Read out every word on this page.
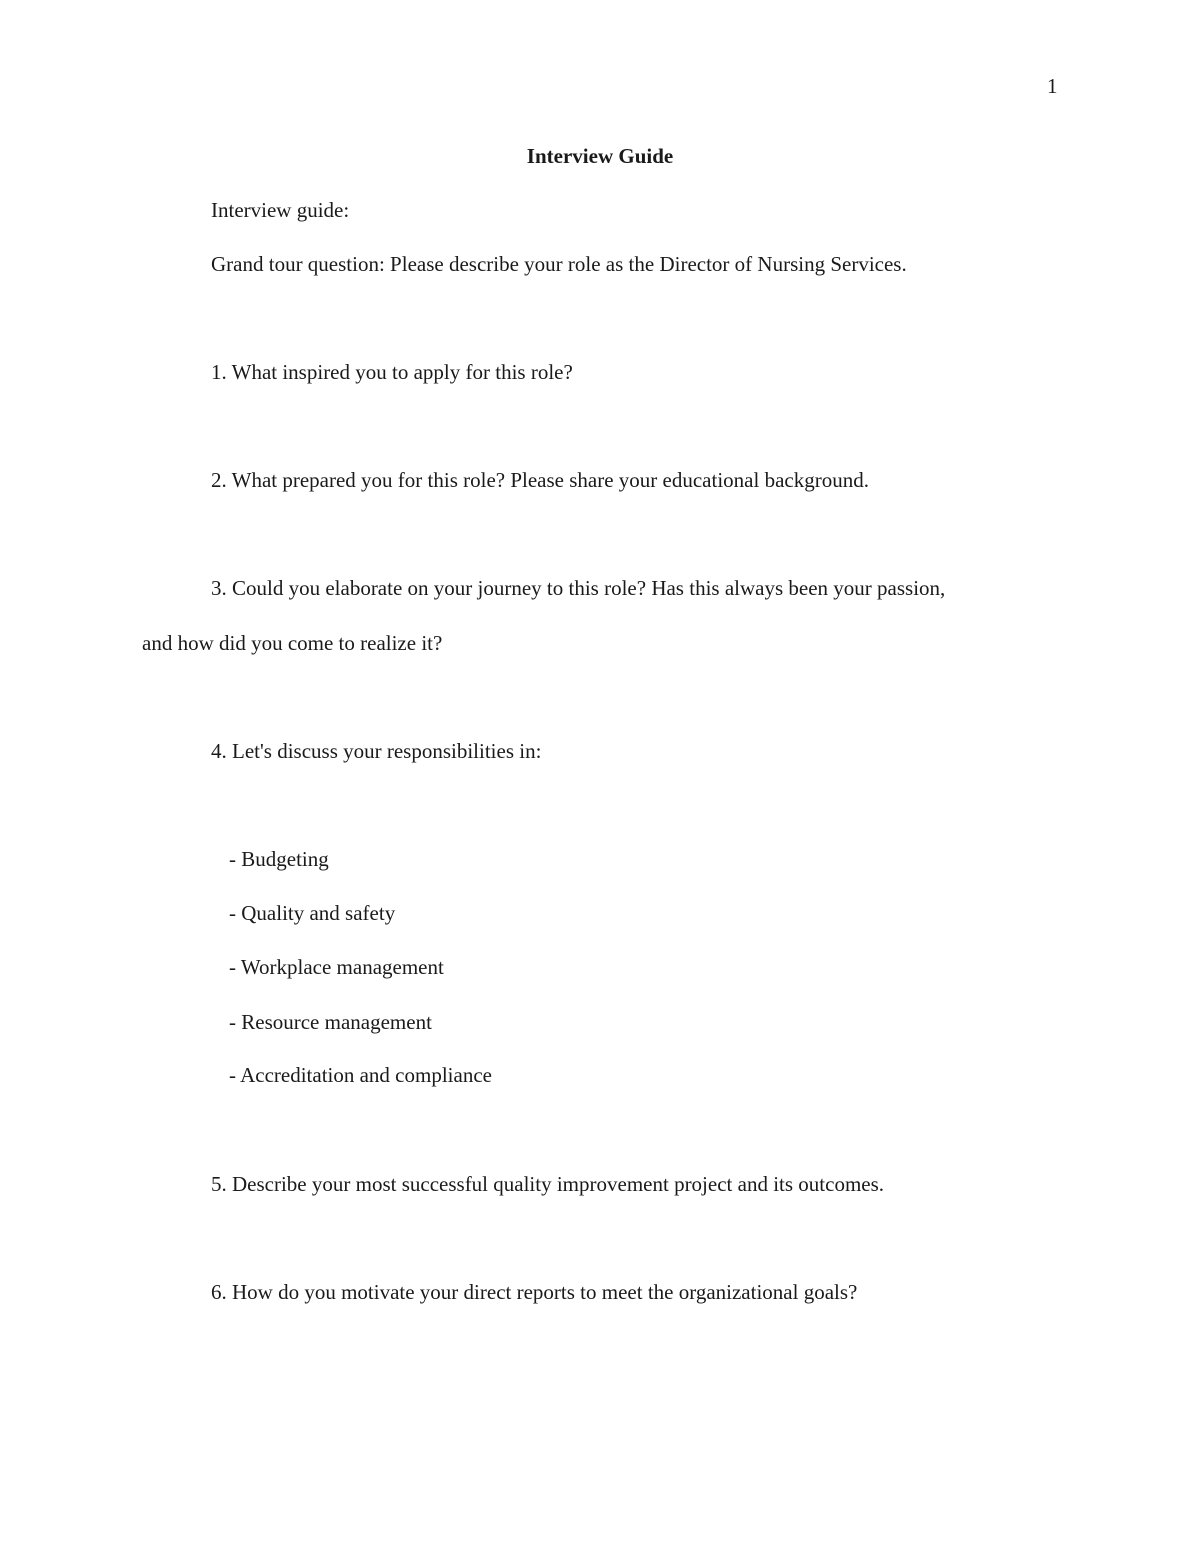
1
Interview Guide

Interview guide:

Grand tour question: Please describe your role as the Director of Nursing Services.

1. What inspired you to apply for this role?

2. What prepared you for this role? Please share your educational background.

3. Could you elaborate on your journey to this role? Has this always been your passion,

and how did you come to realize it?

4. Let's discuss your responsibilities in:

- Budgeting

- Quality and safety

- Workplace management

- Resource management

- Accreditation and compliance

5. Describe your most successful quality improvement project and its outcomes.

6. How do you motivate your direct reports to meet the organizational goals?
